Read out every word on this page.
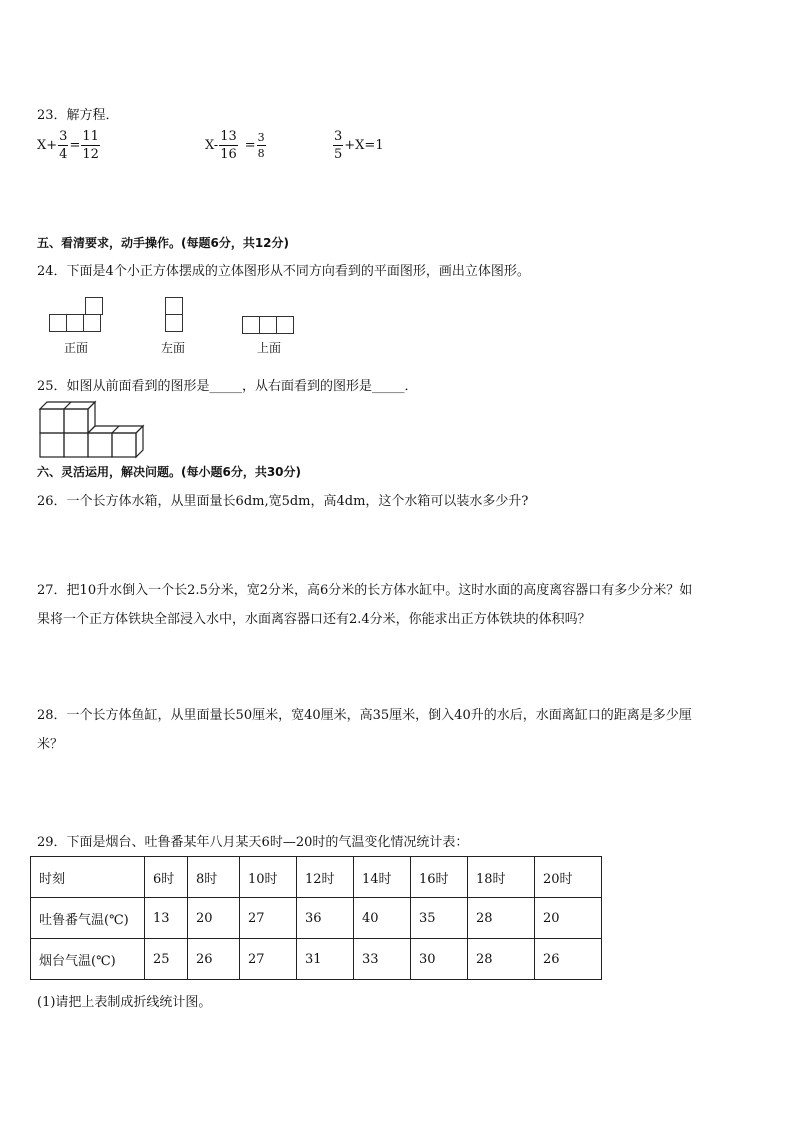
23．解方程．
$X+ \frac{3}{4} = \frac{11}{12}$	$X- \frac{13}{16} = \frac{3}{8}$	$\frac{3}{5} +X=1$
五、看清要求，动手操作。(每题6分，共12分)
24．下面是4个小正方体摆成的立体图形从不同方向看到的平面图形，画出立体图形。
正面	左面	上面
25．如图从前面看到的图形是_____，从右面看到的图形是_____．
六、灵活运用，解决问题。(每小题6分，共30分)
26．一个长方体水箱，从里面量长6dm,宽5dm，高4dm，这个水箱可以装水多少升?
27．把10升水倒入一个长2.5分米，宽2分米，高6分米的长方体水缸中。这时水面的高度离容器口有多少分米？如
果将一个正方体铁块全部浸入水中，水面离容器口还有2.4分米，你能求出正方体铁块的体积吗？
28．一个长方体鱼缸，从里面量长50厘米，宽40厘米，高35厘米，倒入40升的水后，水面离缸口的距离是多少厘
米？
29．下面是烟台、吐鲁番某年八月某天6时—20时的气温变化情况统计表：
时刻	6时	8时	10时	12时	14时	16时	18时	20时
吐鲁番气温(℃)	13	20	27	36	40	35	28	20
烟台气温(℃)	25	26	27	31	33	30	28	26
(1)请把上表制成折线统计图。
